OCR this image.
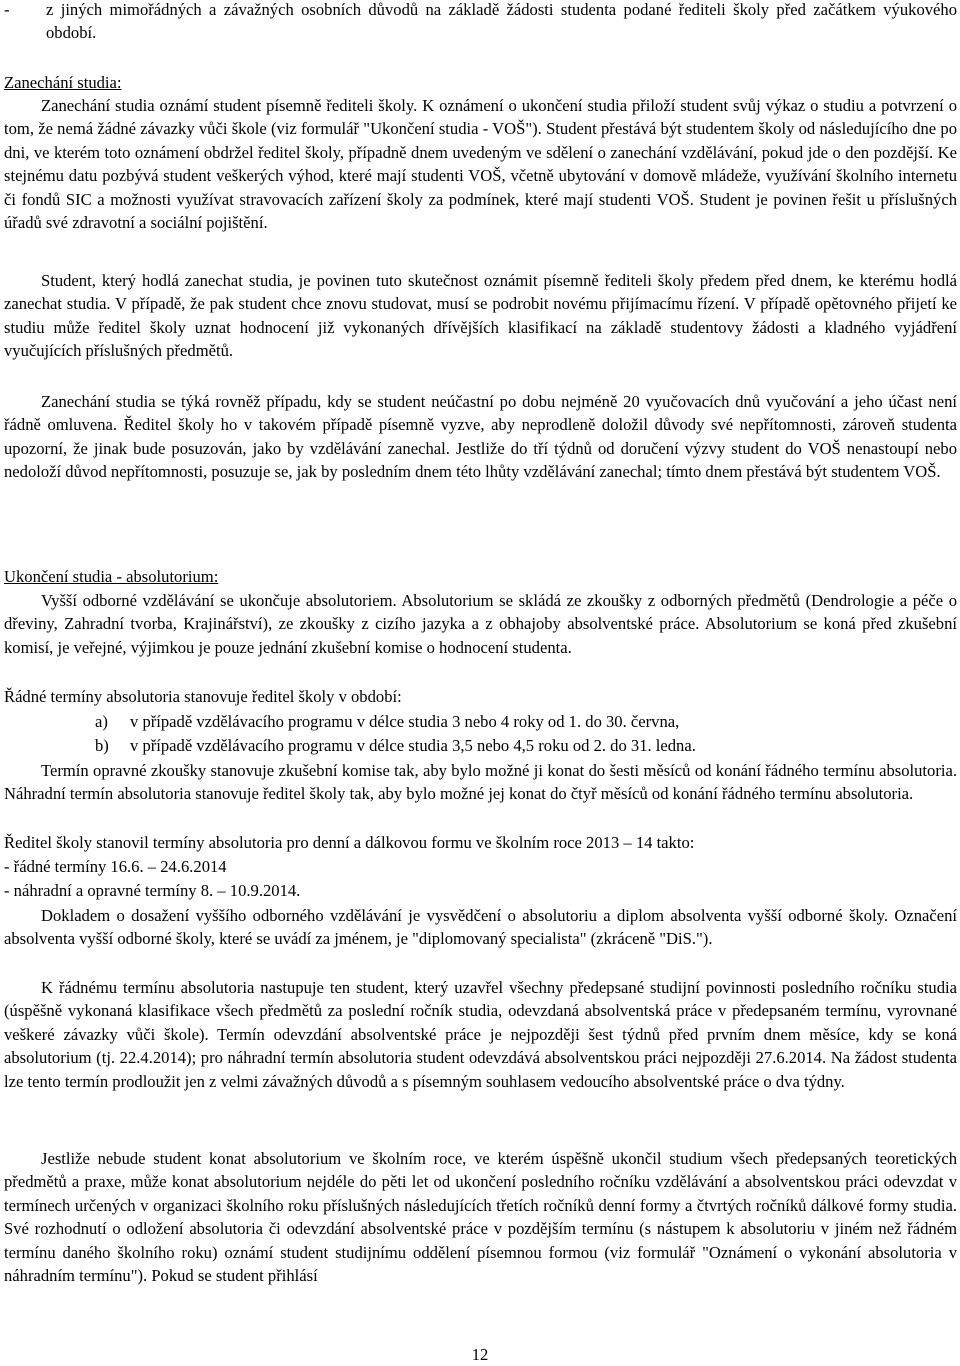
- z jiných mimořádných a závažných osobních důvodů na základě žádosti studenta podané řediteli školy před začátkem výukového období.
Zanechání studia:

Zanechání studia oznámí student písemně řediteli školy. K oznámení o ukončení studia přiloží student svůj výkaz o studiu a potvrzení o tom, že nemá žádné závazky vůči škole (viz formulář "Ukončení studia - VOŠ"). Student přestává být studentem školy od následujícího dne po dni, ve kterém toto oznámení obdržel ředitel školy, případně dnem uvedeným ve sdělení o zanechání vzdělávání, pokud jde o den pozdější. Ke stejnému datu pozbývá student veškerých výhod, které mají studenti VOŠ, včetně ubytování v domově mládeže, využívání školního internetu či fondů SIC a možnosti využívat stravovacích zařízení školy za podmínek, které mají studenti VOŠ. Student je povinen řešit u příslušných úřadů své zdravotní a sociální pojištění.

Student, který hodlá zanechat studia, je povinen tuto skutečnost oznámit písemně řediteli školy předem před dnem, ke kterému hodlá zanechat studia. V případě, že pak student chce znovu studovat, musí se podrobit novému přijímacímu řízení. V případě opětovného přijetí ke studiu může ředitel školy uznat hodnocení již vykonaných dřívějších klasifikací na základě studentovy žádosti a kladného vyjádření vyučujících příslušných předmětů.

Zanechání studia se týká rovněž případu, kdy se student neúčastní po dobu nejméně 20 vyučovacích dnů vyučování a jeho účast není řádně omluvena. Ředitel školy ho v takovém případě písemně vyzve, aby neprodleně doložil důvody své nepřítomnosti, zároveň studenta upozorní, že jinak bude posuzován, jako by vzdělávání zanechal. Jestliže do tří týdnů od doručení výzvy student do VOŠ nenastoupí nebo nedoloží důvod nepřítomnosti, posuzuje se, jak by posledním dnem této lhůty vzdělávání zanechal; tímto dnem přestává být studentem VOŠ.

Ukončení studia - absolutorium:

Vyšší odborné vzdělávání se ukončuje absolutoriem. Absolutorium se skládá ze zkoušky z odborných předmětů (Dendrologie a péče o dřeviny, Zahradní tvorba, Krajinářství), ze zkoušky z cizího jazyka a z obhajoby absolventské práce. Absolutorium se koná před zkušební komisí, je veřejné, výjimkou je pouze jednání zkušební komise o hodnocení studenta.

Řádné termíny absolutoria stanovuje ředitel školy v období:
a) v případě vzdělávacího programu v délce studia 3 nebo 4 roky od 1. do 30. června,
b) v případě vzdělávacího programu v délce studia 3,5 nebo 4,5 roku od 2. do 31. ledna.

Termín opravné zkoušky stanovuje zkušební komise tak, aby bylo možné ji konat do šesti měsíců od konání řádného termínu absolutoria. Náhradní termín absolutoria stanovuje ředitel školy tak, aby bylo možné jej konat do čtyř měsíců od konání řádného termínu absolutoria.

Ředitel školy stanovil termíny absolutoria pro denní a dálkovou formu ve školním roce 2013 – 14 takto:
- řádné termíny 16.6. – 24.6.2014
- náhradní a opravné termíny 8. – 10.9.2014.

Dokladem o dosažení vyššího odborného vzdělávání je vysvědčení o absolutoriu a diplom absolventa vyšší odborné školy. Označení absolventa vyšší odborné školy, které se uvádí za jménem, je "diplomovaný specialista" (zkráceně "DiS.").

K řádnému termínu absolutoria nastupuje ten student, který uzavřel všechny předepsané studijní povinnosti posledního ročníku studia (úspěšně vykonaná klasifikace všech předmětů za poslední ročník studia, odevzdaná absolventská práce v předepsaném termínu, vyrovnané veškeré závazky vůči škole). Termín odevzdání absolventské práce je nejpozději šest týdnů před prvním dnem měsíce, kdy se koná absolutorium (tj. 22.4.2014); pro náhradní termín absolutoria student odevzdává absolventskou práci nejpozději 27.6.2014. Na žádost studenta lze tento termín prodloužit jen z velmi závažných důvodů a s písemným souhlasem vedoucího absolventské práce o dva týdny.

Jestliže nebude student konat absolutorium ve školním roce, ve kterém úspěšně ukončil studium všech předepsaných teoretických předmětů a praxe, může konat absolutorium nejdéle do pěti let od ukončení posledního ročníku vzdělávání a absolventskou práci odevzdat v termínech určených v organizaci školního roku příslušných následujících třetích ročníků denní formy a čtvrtých ročníků dálkové formy studia. Své rozhodnutí o odložení absolutoria či odevzdání absolventské práce v pozdějším termínu (s nástupem k absolutoriu v jiném než řádném termínu daného školního roku) oznámí student studijnímu oddělení písemnou formou (viz formulář "Oznámení o vykonání absolutoria v náhradním termínu"). Pokud se student přihlásí

12
